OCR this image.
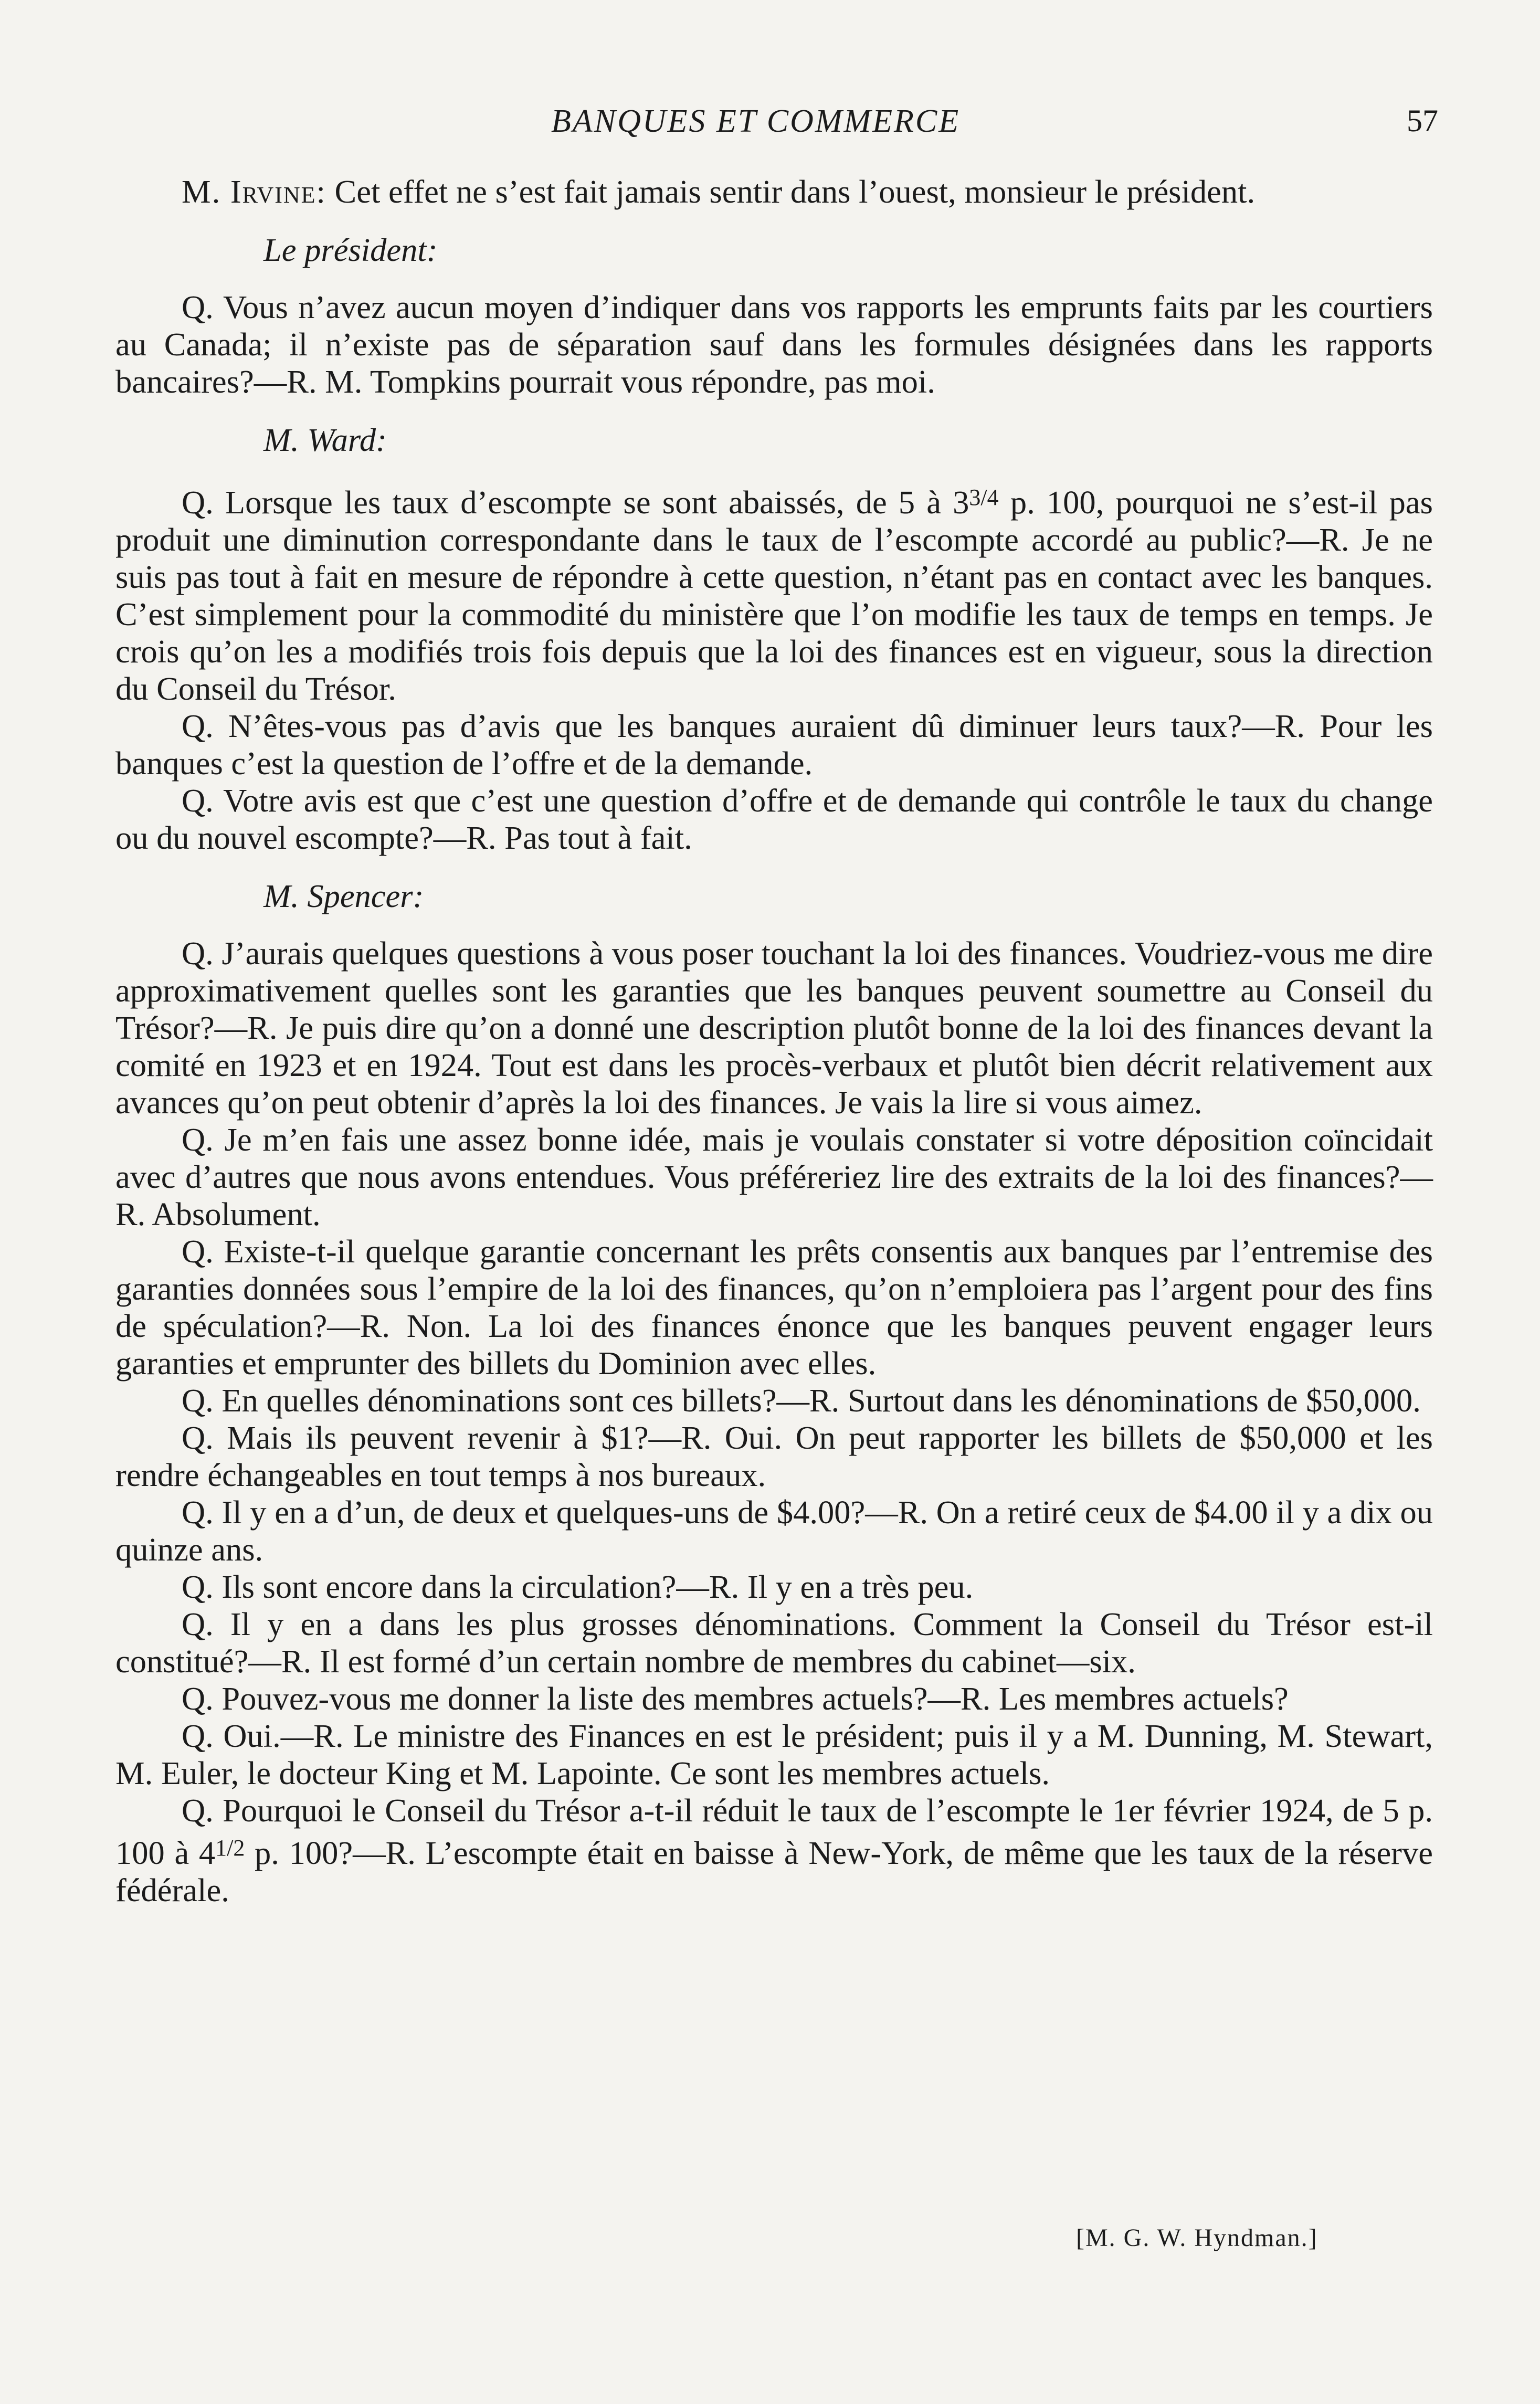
BANQUES ET COMMERCE	57

M. Irvine: Cet effet ne s’est fait jamais sentir dans l’ouest, monsieur le président.

Le président:

Q. Vous n’avez aucun moyen d’indiquer dans vos rapports les emprunts faits par les courtiers au Canada; il n’existe pas de séparation sauf dans les formules désignées dans les rapports bancaires?—R. M. Tompkins pourrait vous répondre, pas moi.

M. Ward:

Q. Lorsque les taux d’escompte se sont abaissés, de 5 à $3^{3/4}$ p. 100, pourquoi ne s’est-il pas produit une diminution correspondante dans le taux de l’escompte accordé au public?—R. Je ne suis pas tout à fait en mesure de répondre à cette question, n’étant pas en contact avec les banques. C’est simplement pour la commodité du ministère que l’on modifie les taux de temps en temps. Je crois qu’on les a modifiés trois fois depuis que la loi des finances est en vigueur, sous la direction du Conseil du Trésor.

Q. N’êtes-vous pas d’avis que les banques auraient dû diminuer leurs taux?—R. Pour les banques c’est la question de l’offre et de la demande.

Q. Votre avis est que c’est une question d’offre et de demande qui contrôle le taux du change ou du nouvel escompte?—R. Pas tout à fait.

M. Spencer:

Q. J’aurais quelques questions à vous poser touchant la loi des finances. Voudriez-vous me dire approximativement quelles sont les garanties que les banques peuvent soumettre au Conseil du Trésor?—R. Je puis dire qu’on a donné une description plutôt bonne de la loi des finances devant la comité en 1923 et en 1924. Tout est dans les procès-verbaux et plutôt bien décrit relativement aux avances qu’on peut obtenir d’après la loi des finances. Je vais la lire si vous aimez.

Q. Je m’en fais une assez bonne idée, mais je voulais constater si votre déposition coïncidait avec d’autres que nous avons entendues. Vous préféreriez lire des extraits de la loi des finances?—R. Absolument.

Q. Existe-t-il quelque garantie concernant les prêts consentis aux banques par l’entremise des garanties données sous l’empire de la loi des finances, qu’on n’emploiera pas l’argent pour des fins de spéculation?—R. Non. La loi des finances énonce que les banques peuvent engager leurs garanties et emprunter des billets du Dominion avec elles.

Q. En quelles dénominations sont ces billets?—R. Surtout dans les dénominations de $50,000.

Q. Mais ils peuvent revenir à $1?—R. Oui. On peut rapporter les billets de $50,000 et les rendre échangeables en tout temps à nos bureaux.

Q. Il y en a d’un, de deux et quelques-uns de $4.00?—R. On a retiré ceux de $4.00 il y a dix ou quinze ans.

Q. Ils sont encore dans la circulation?—R. Il y en a très peu.

Q. Il y en a dans les plus grosses dénominations. Comment la Conseil du Trésor est-il constitué?—R. Il est formé d’un certain nombre de membres du cabinet—six.

Q. Pouvez-vous me donner la liste des membres actuels?—R. Les membres actuels?

Q. Oui.—R. Le ministre des Finances en est le président; puis il y a M. Dunning, M. Stewart, M. Euler, le docteur King et M. Lapointe. Ce sont les membres actuels.

Q. Pourquoi le Conseil du Trésor a-t-il réduit le taux de l’escompte le 1er février 1924, de 5 p. 100 à $4^{1/2}$ p. 100?—R. L’escompte était en baisse à New-York, de même que les taux de la réserve fédérale.

[M. G. W. Hyndman.]
